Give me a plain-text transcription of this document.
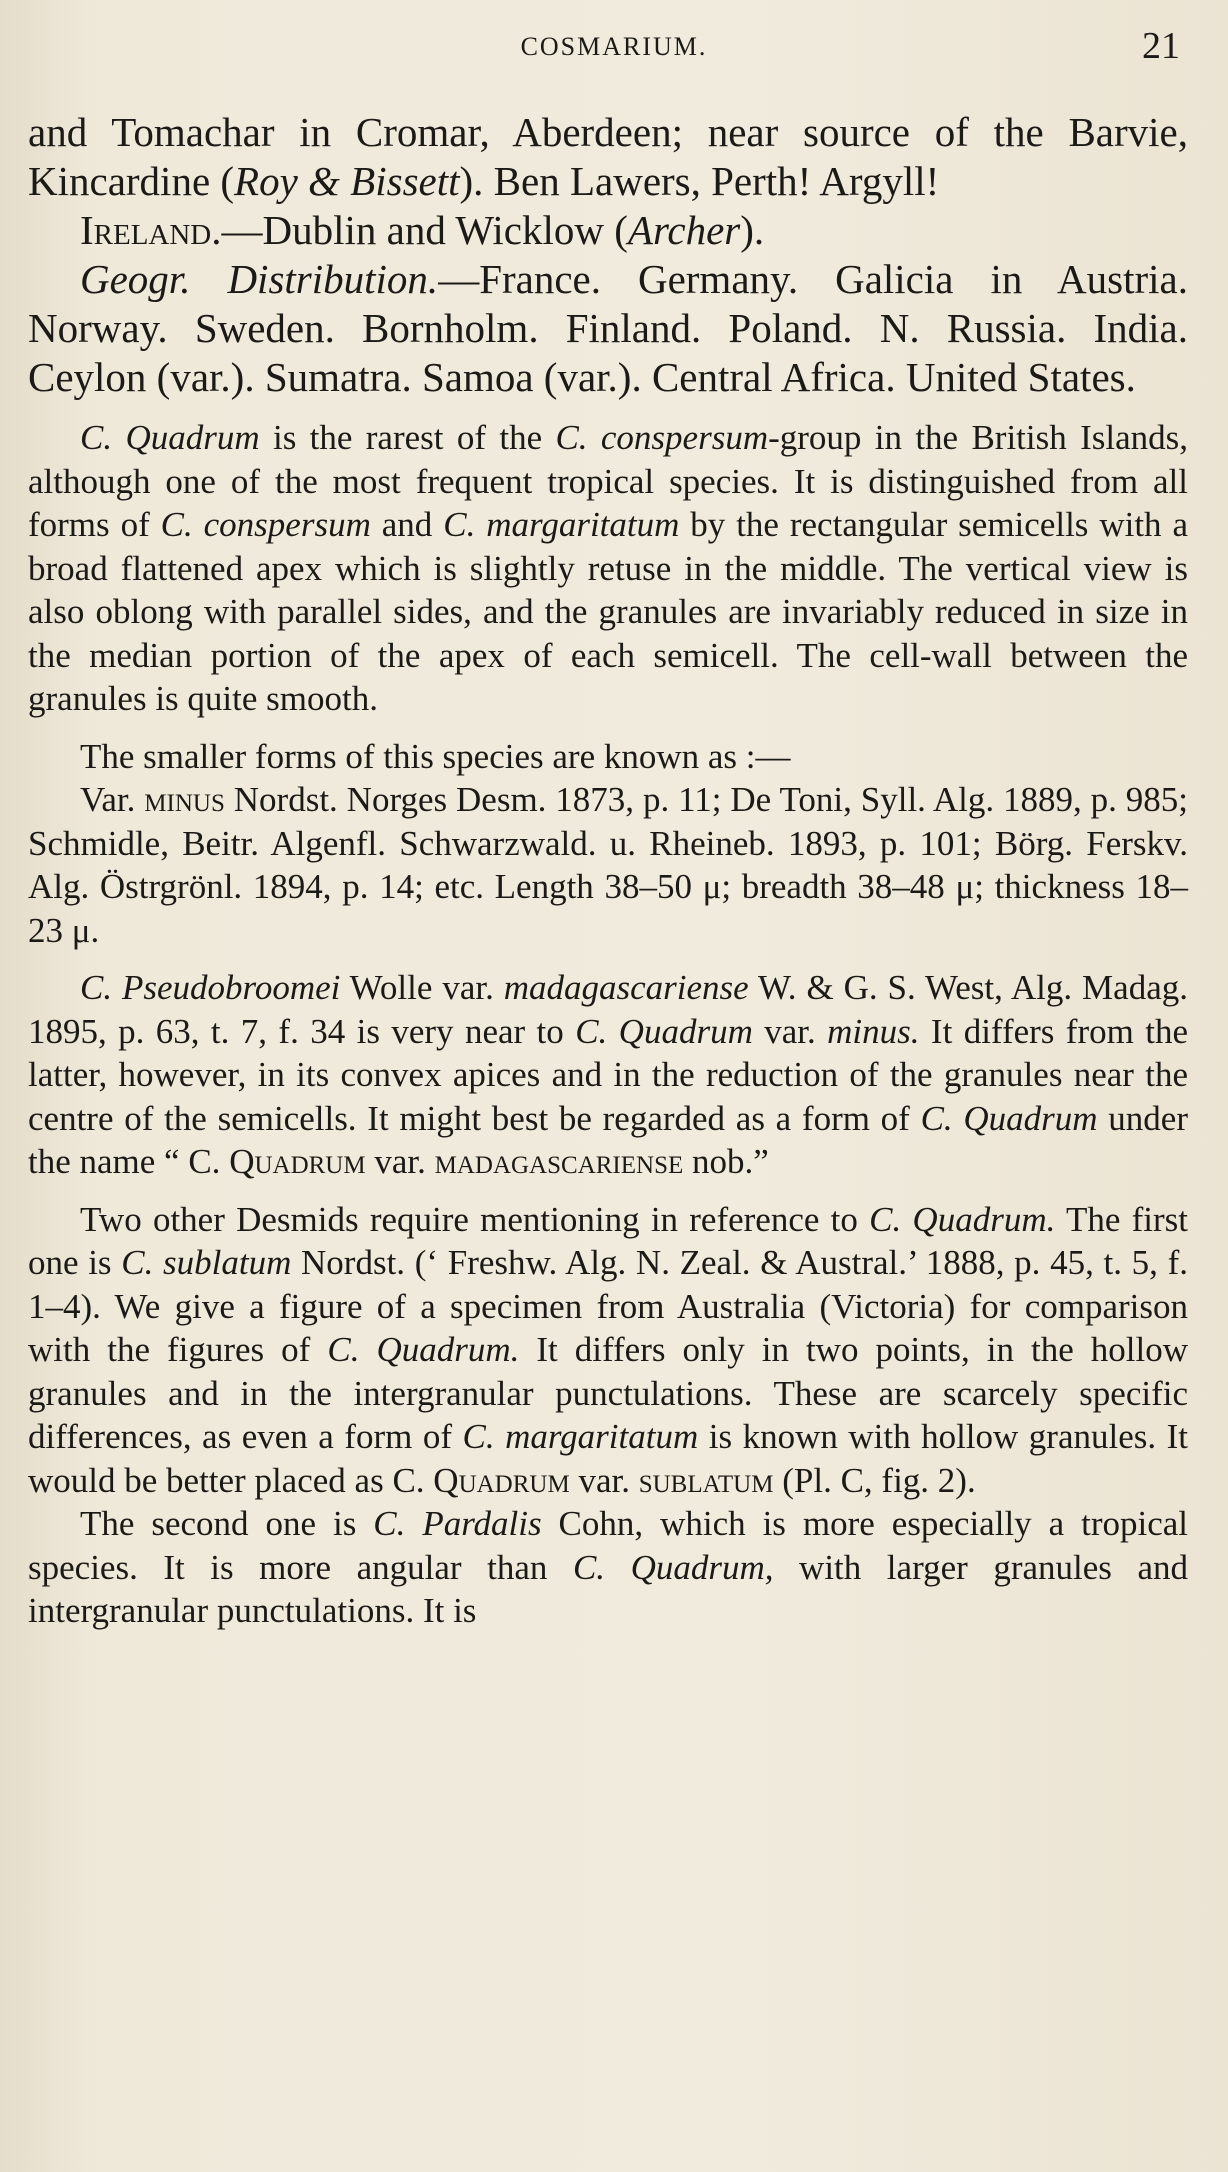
COSMARIUM.	21

and Tomachar in Cromar, Aberdeen; near source of the Barvie, Kincardine (Roy & Bissett). Ben Lawers, Perth! Argyll!

Ireland.—Dublin and Wicklow (Archer).

Geogr. Distribution.—France. Germany. Galicia in Austria. Norway. Sweden. Bornholm. Finland. Poland. N. Russia. India. Ceylon (var.). Sumatra. Samoa (var.). Central Africa. United States.

C. Quadrum is the rarest of the C. conspersum-group in the British Islands, although one of the most frequent tropical species. It is distinguished from all forms of C. conspersum and C. margaritatum by the rectangular semicells with a broad flattened apex which is slightly retuse in the middle. The vertical view is also oblong with parallel sides, and the granules are invariably reduced in size in the median portion of the apex of each semicell. The cell-wall between the granules is quite smooth.

The smaller forms of this species are known as :—

Var. minus Nordst. Norges Desm. 1873, p. 11; De Toni, Syll. Alg. 1889, p. 985; Schmidle, Beitr. Algenfl. Schwarzwald. u. Rheineb. 1893, p. 101; Börg. Ferskv. Alg. Östrgrönl. 1894, p. 14; etc. Length 38–50 μ; breadth 38–48 μ; thickness 18–23 μ.

C. Pseudobroomei Wolle var. madagascariense W. & G. S. West, Alg. Madag. 1895, p. 63, t. 7, f. 34 is very near to C. Quadrum var. minus. It differs from the latter, however, in its convex apices and in the reduction of the granules near the centre of the semicells. It might best be regarded as a form of C. Quadrum under the name “ C. Quadrum var. madagascariense nob.”

Two other Desmids require mentioning in reference to C. Quadrum. The first one is C. sublatum Nordst. (‘ Freshw. Alg. N. Zeal. & Austral.’ 1888, p. 45, t. 5, f. 1–4). We give a figure of a specimen from Australia (Victoria) for comparison with the figures of C. Quadrum. It differs only in two points, in the hollow granules and in the intergranular punctulations. These are scarcely specific differences, as even a form of C. margaritatum is known with hollow granules. It would be better placed as C. Quadrum var. sublatum (Pl. C, fig. 2).

The second one is C. Pardalis Cohn, which is more especially a tropical species. It is more angular than C. Quadrum, with larger granules and intergranular punctulations. It is
